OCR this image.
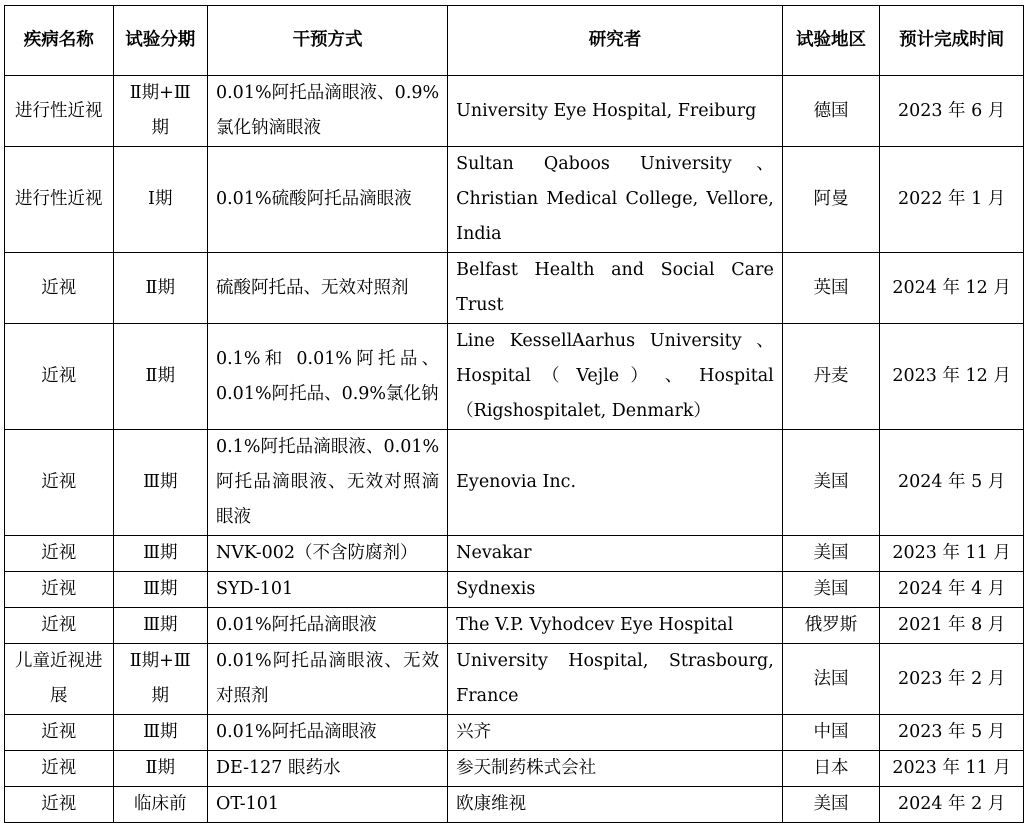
疾病名称	试验分期	干预方式	研究者	试验地区	预计完成时间
进行性近视	Ⅱ期+Ⅲ期	0.01%阿托品滴眼液、0.9%氯化钠滴眼液	University Eye Hospital, Freiburg	德国	2023 年 6 月
进行性近视	Ⅰ期	0.01%硫酸阿托品滴眼液	Sultan Qaboos University、Christian Medical College, Vellore, India	阿曼	2022 年 1 月
近视	Ⅱ期	硫酸阿托品、无效对照剂	Belfast Health and Social Care Trust	英国	2024 年 12 月
近视	Ⅱ期	0.1%和 0.01%阿托品、0.01%阿托品、0.9%氯化钠	Line KessellAarhus University 、 Hospital （ Vejle ） 、 Hospital （Rigshospitalet, Denmark）	丹麦	2023 年 12 月
近视	Ⅲ期	0.1%阿托品滴眼液、0.01%阿托品滴眼液、无效对照滴眼液	Eyenovia Inc.	美国	2024 年 5 月
近视	Ⅲ期	NVK-002（不含防腐剂）	Nevakar	美国	2023 年 11 月
近视	Ⅲ期	SYD-101	Sydnexis	美国	2024 年 4 月
近视	Ⅲ期	0.01%阿托品滴眼液	The V.P. Vyhodcev Eye Hospital	俄罗斯	2021 年 8 月
儿童近视进展	Ⅱ期+Ⅲ期	0.01%阿托品滴眼液、无效对照剂	University Hospital, Strasbourg, France	法国	2023 年 2 月
近视	Ⅲ期	0.01%阿托品滴眼液	兴齐	中国	2023 年 5 月
近视	Ⅱ期	DE-127 眼药水	参天制药株式会社	日本	2023 年 11 月
近视	临床前	OT-101	欧康维视	美国	2024 年 2 月
